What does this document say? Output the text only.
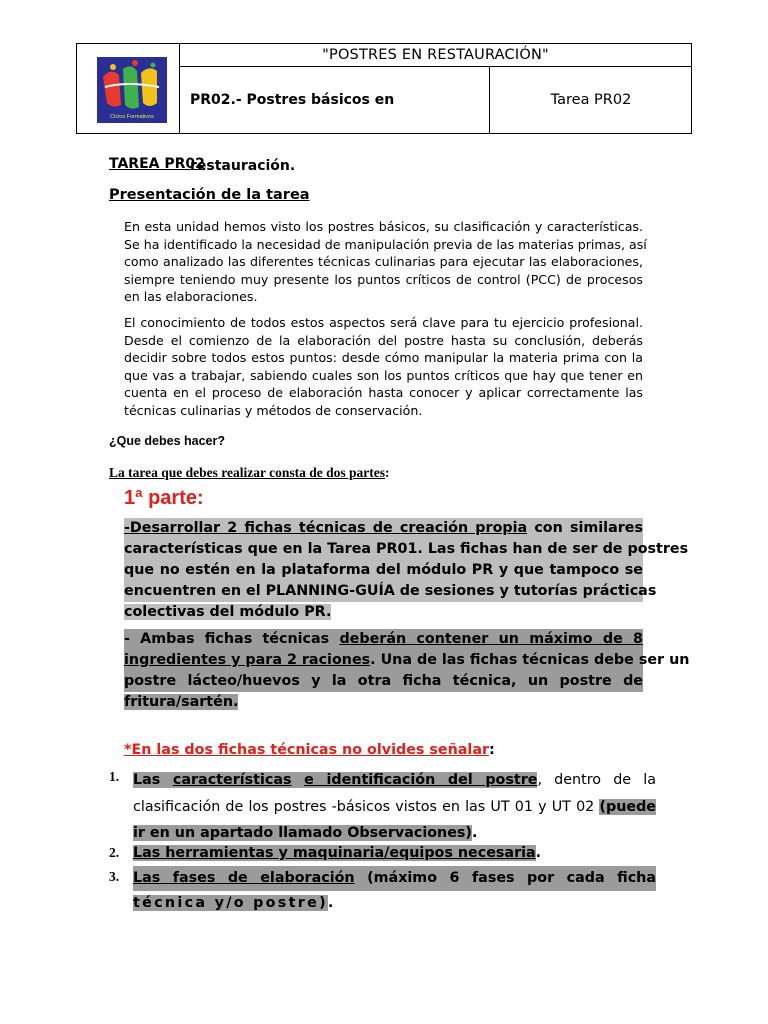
Ciclos Formativos
"POSTRES EN RESTAURACIÓN"
PR02.- Postres básicos en restauración.
Tarea PR02
TAREA PR02
Presentación de la tarea
En esta unidad hemos visto los postres básicos, su clasificación y características.
Se ha identificado la necesidad de manipulación previa de las materias primas, así
como analizado las diferentes técnicas culinarias para ejecutar las elaboraciones,
siempre teniendo muy presente los puntos críticos de control (PCC) de procesos
en las elaboraciones.
El conocimiento de todos estos aspectos será clave para tu ejercicio profesional.
Desde el comienzo de la elaboración del postre hasta su conclusión, deberás
decidir sobre todos estos puntos: desde cómo manipular la materia prima con la
que vas a trabajar, sabiendo cuales son los puntos críticos que hay que tener en
cuenta en el proceso de elaboración hasta conocer y aplicar correctamente las
técnicas culinarias y métodos de conservación.
¿Que debes hacer?
La tarea que debes realizar consta de dos partes:
1ª parte:
-Desarrollar 2 fichas técnicas de creación propia con similares
características que en la Tarea PR01. Las fichas han de ser de postres
que no estén en la plataforma del módulo PR y que tampoco se
encuentren en el PLANNING-GUÍA de sesiones y tutorías prácticas
colectivas del módulo PR.
- Ambas fichas técnicas deberán contener un máximo de 8
ingredientes y para 2 raciones. Una de las fichas técnicas debe ser un
postre lácteo/huevos y la otra ficha técnica, un postre de
fritura/sartén.
*En las dos fichas técnicas no olvides señalar:
1. Las características e identificación del postre, dentro de la
clasificación de los postres -básicos vistos en las UT 01 y UT 02 (puede
ir en un apartado llamado Observaciones).
2. Las herramientas y maquinaria/equipos necesaria.
3. Las fases de elaboración (máximo 6 fases por cada ficha
técnica y/o postre).
